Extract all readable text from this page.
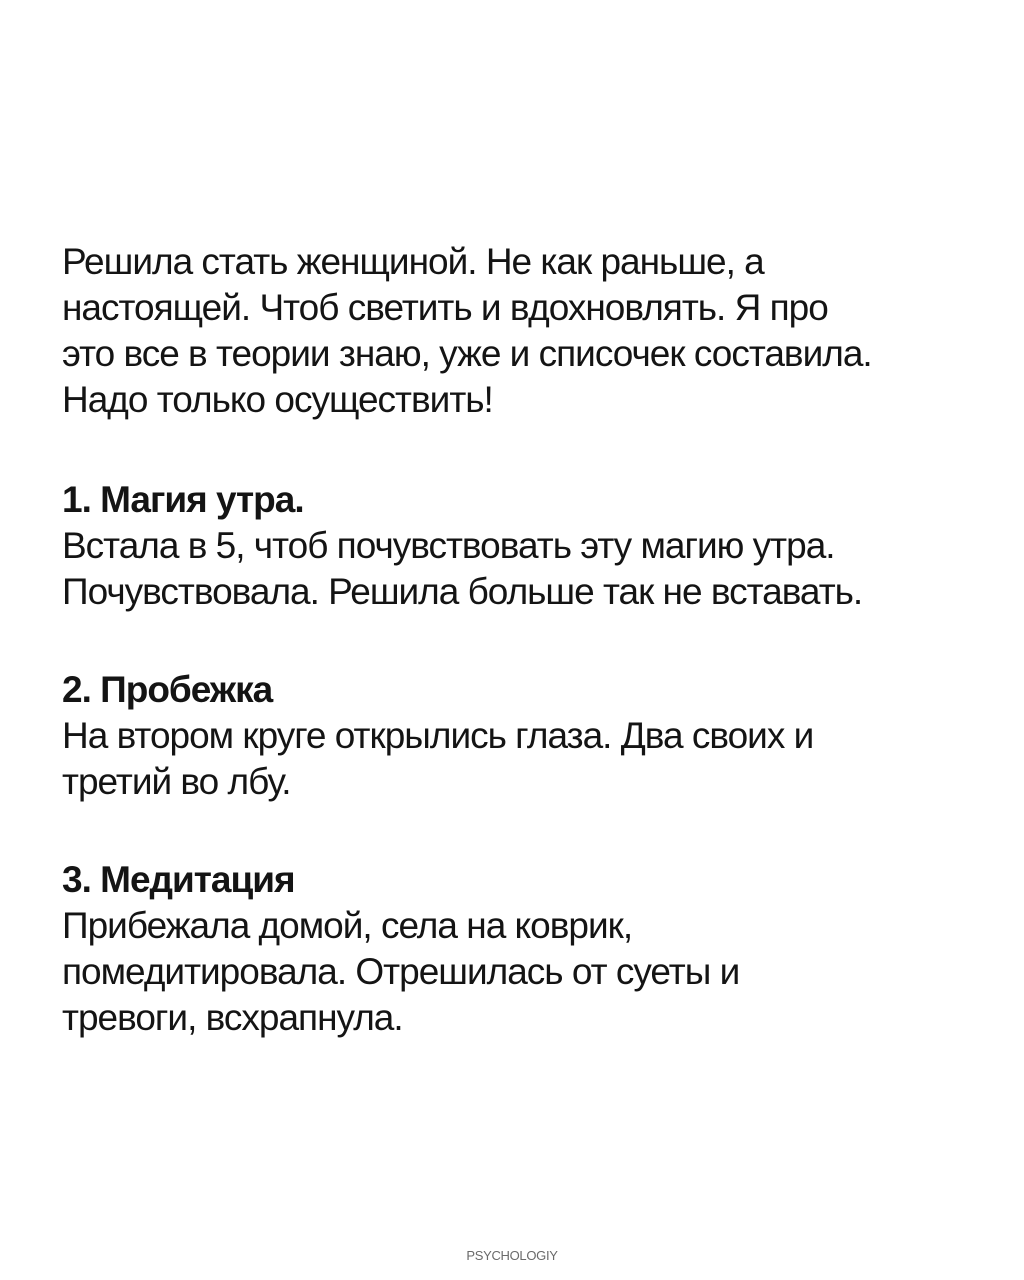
Решила стать женщиной. Не как раньше, а
настоящей. Чтоб светить и вдохновлять. Я про
это все в теории знаю, уже и списочек составила.
Надо только осуществить!
1. Магия утра.
Встала в 5, чтоб почувствовать эту магию утра.
Почувствовала. Решила больше так не вставать.
2. Пробежка
На втором круге открылись глаза. Два своих и
третий во лбу.
3. Медитация
Прибежала домой, села на коврик,
помедитировала. Отрешилась от суеты и
тревоги, всхрапнула.
PSYCHOLOGIY
